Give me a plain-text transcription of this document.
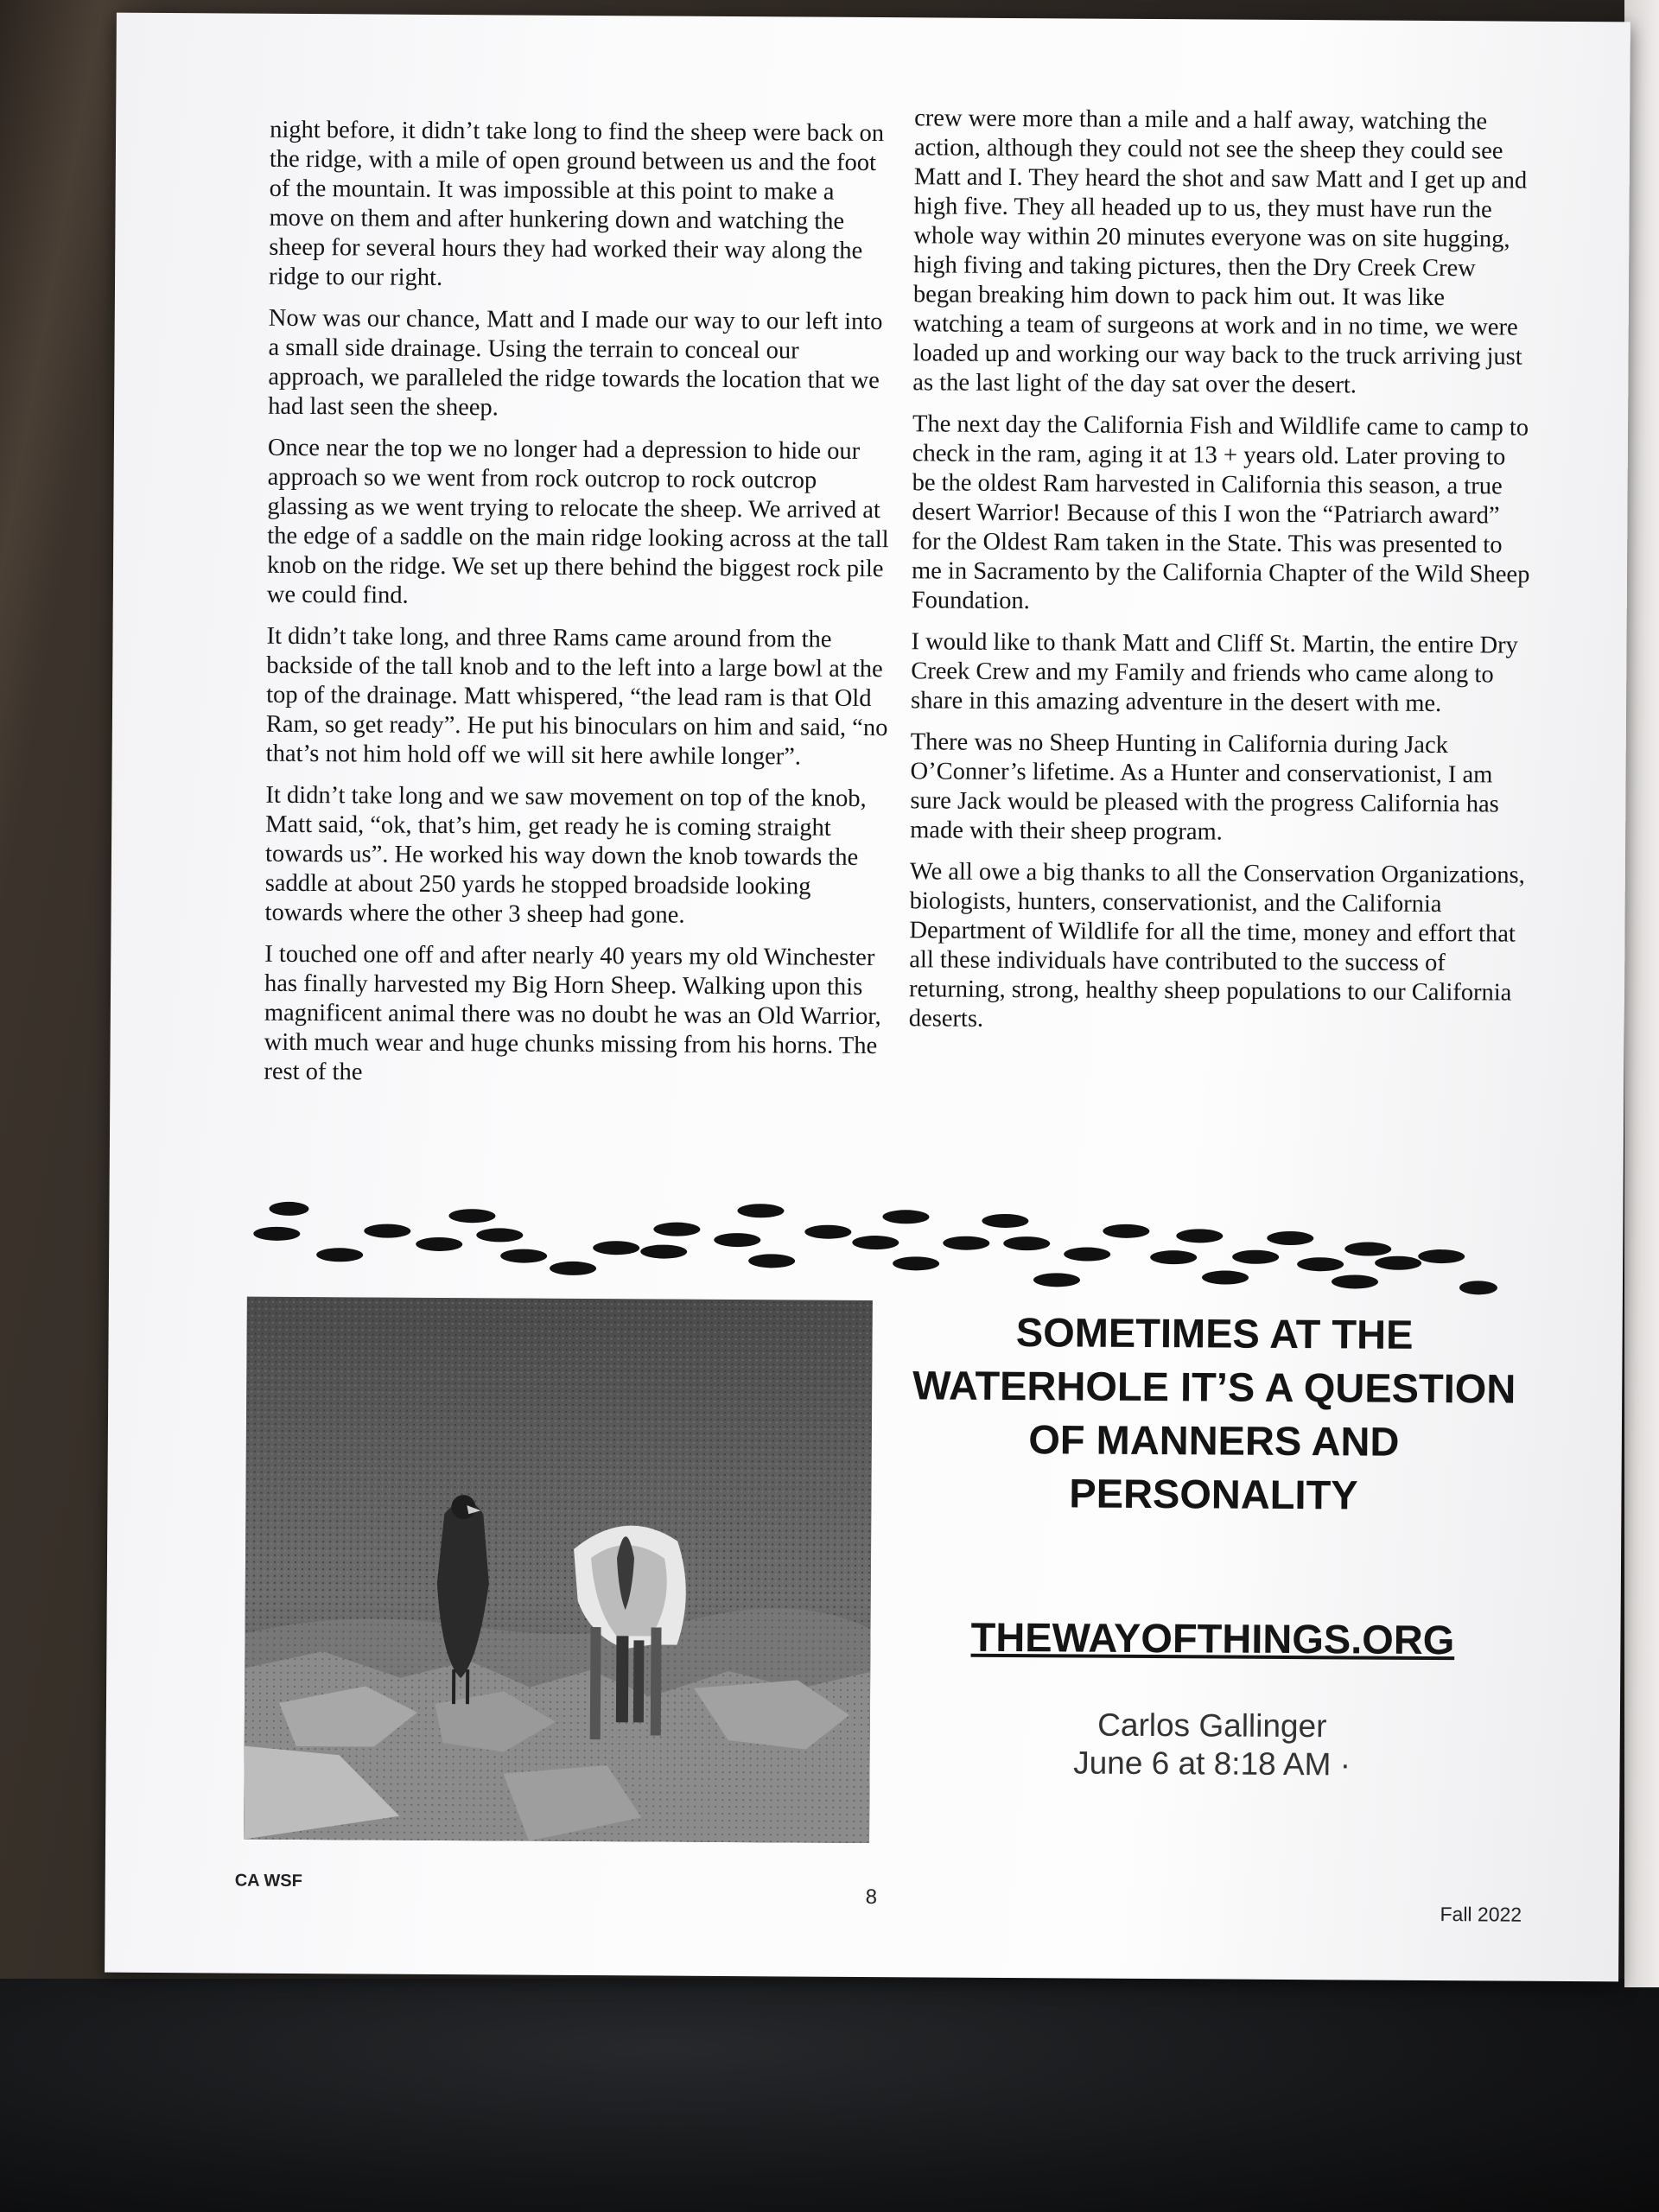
night before, it didn’t take long to find the sheep were back on the ridge, with a mile of open ground between us and the foot of the mountain. It was impossible at this point to make a move on them and after hunkering down and watching the sheep for several hours they had worked their way along the ridge to our right.

Now was our chance, Matt and I made our way to our left into a small side drainage. Using the terrain to conceal our approach, we paralleled the ridge towards the location that we had last seen the sheep.

Once near the top we no longer had a depression to hide our approach so we went from rock outcrop to rock outcrop glassing as we went trying to relocate the sheep. We arrived at the edge of a saddle on the main ridge looking across at the tall knob on the ridge. We set up there behind the biggest rock pile we could find.

It didn’t take long, and three Rams came around from the backside of the tall knob and to the left into a large bowl at the top of the drainage. Matt whispered, “the lead ram is that Old Ram, so get ready”. He put his binoculars on him and said, “no that’s not him hold off we will sit here awhile longer”.

It didn’t take long and we saw movement on top of the knob, Matt said, “ok, that’s him, get ready he is coming straight towards us”. He worked his way down the knob towards the saddle at about 250 yards he stopped broadside looking towards where the other 3 sheep had gone.

I touched one off and after nearly 40 years my old Winchester has finally harvested my Big Horn Sheep. Walking upon this magnificent animal there was no doubt he was an Old Warrior, with much wear and huge chunks missing from his horns. The rest of the

crew were more than a mile and a half away, watching the action, although they could not see the sheep they could see Matt and I. They heard the shot and saw Matt and I get up and high five. They all headed up to us, they must have run the whole way within 20 minutes everyone was on site hugging, high fiving and taking pictures, then the Dry Creek Crew began breaking him down to pack him out. It was like watching a team of surgeons at work and in no time, we were loaded up and working our way back to the truck arriving just as the last light of the day sat over the desert.

The next day the California Fish and Wildlife came to camp to check in the ram, aging it at 13 + years old. Later proving to be the oldest Ram harvested in California this season, a true desert Warrior! Because of this I won the “Patriarch award” for the Oldest Ram taken in the State. This was presented to me in Sacramento by the California Chapter of the Wild Sheep Foundation.

I would like to thank Matt and Cliff St. Martin, the entire Dry Creek Crew and my Family and friends who came along to share in this amazing adventure in the desert with me.

There was no Sheep Hunting in California during Jack O’Conner’s lifetime. As a Hunter and conservationist, I am sure Jack would be pleased with the progress California has made with their sheep program.

We all owe a big thanks to all the Conservation Organizations, biologists, hunters, conservationist, and the California Department of Wildlife for all the time, money and effort that all these individuals have contributed to the success of returning, strong, healthy sheep populations to our California deserts.

SOMETIMES AT THE

WATERHOLE IT’S A QUESTION

OF MANNERS AND

PERSONALITY

THEWAYOFTHINGS.ORG
Carlos Gallinger
June 6 at 8:18 AM ·
CA WSF
8
Fall 2022
